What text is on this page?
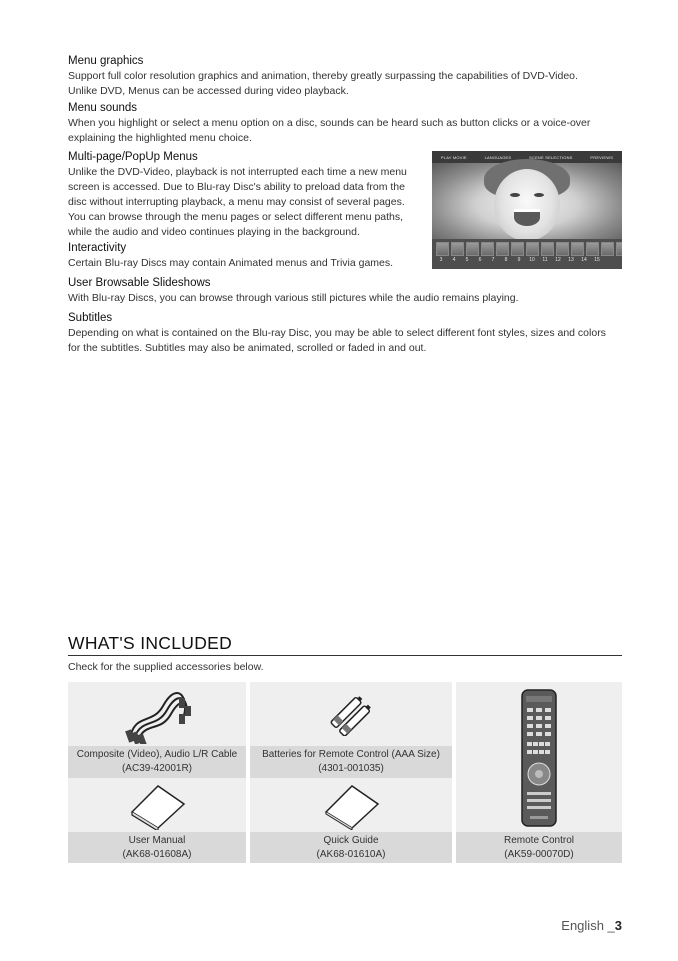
Menu graphics

Support full color resolution graphics and animation, thereby greatly surpassing the capabilities of DVD-Video.
Unlike DVD, Menus can be accessed during video playback.

Menu sounds

When you highlight or select a menu option on a disc, sounds can be heard such as button clicks or a voice-over
explaining the highlighted menu choice.

Multi-page/PopUp Menus

Unlike the DVD-Video, playback is not interrupted each time a new menu
screen is accessed. Due to Blu-ray Disc's ability to preload data from the
disc without interrupting playback, a menu may consist of several pages.
You can browse through the menu pages or select different menu paths,
while the audio and video continues playing in the background.

Interactivity

Certain Blu-ray Discs may contain Animated menus and Trivia games.

User Browsable Slideshows

With Blu-ray Discs, you can browse through various still pictures while the audio remains playing.

Subtitles

Depending on what is contained on the Blu-ray Disc, you may be able to select different font styles, sizes and colors
for the subtitles. Subtitles may also be animated, scrolled or faded in and out.

PLAY MOVIE	LANGUAGES	SCENE SELECTIONS	PREVIEWS
3	4	5	6	7	8	9	10	11	12	13	14	15
WHAT'S INCLUDED

Check for the supplied accessories below.

Composite (Video), Audio L/R Cable
(AC39-42001R)
Batteries for Remote Control (AAA Size)
(4301-001035)
User Manual
(AK68-01608A)
Quick Guide
(AK68-01610A)
Remote Control
(AK59-00070D)
English _3
